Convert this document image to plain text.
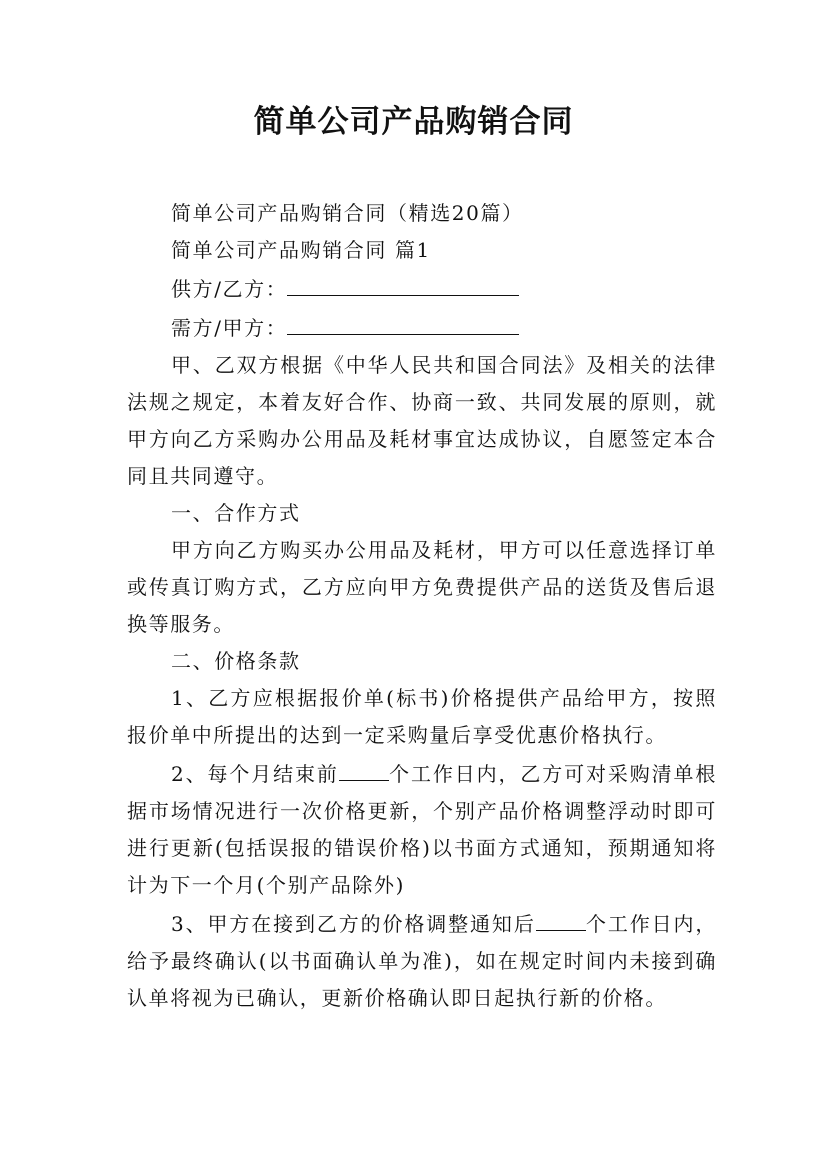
简单公司产品购销合同

简单公司产品购销合同（精选20篇）

简单公司产品购销合同 篇1

供方/乙方：

需方/甲方：

甲、乙双方根据《中华人民共和国合同法》及相关的法律法规之规定，本着友好合作、协商一致、共同发展的原则，就甲方向乙方采购办公用品及耗材事宜达成协议，自愿签定本合同且共同遵守。

一、合作方式

甲方向乙方购买办公用品及耗材，甲方可以任意选择订单或传真订购方式，乙方应向甲方免费提供产品的送货及售后退换等服务。

二、价格条款

1、乙方应根据报价单(标书)价格提供产品给甲方，按照报价单中所提出的达到一定采购量后享受优惠价格执行。

2、每个月结束前	个工作日内，乙方可对采购清单根据市场情况进行一次价格更新，个别产品价格调整浮动时即可进行更新(包括误报的错误价格)以书面方式通知，预期通知将计为下一个月(个别产品除外)

3、甲方在接到乙方的价格调整通知后	个工作日内，给予最终确认(以书面确认单为准)，如在规定时间内未接到确认单将视为已确认，更新价格确认即日起执行新的价格。
